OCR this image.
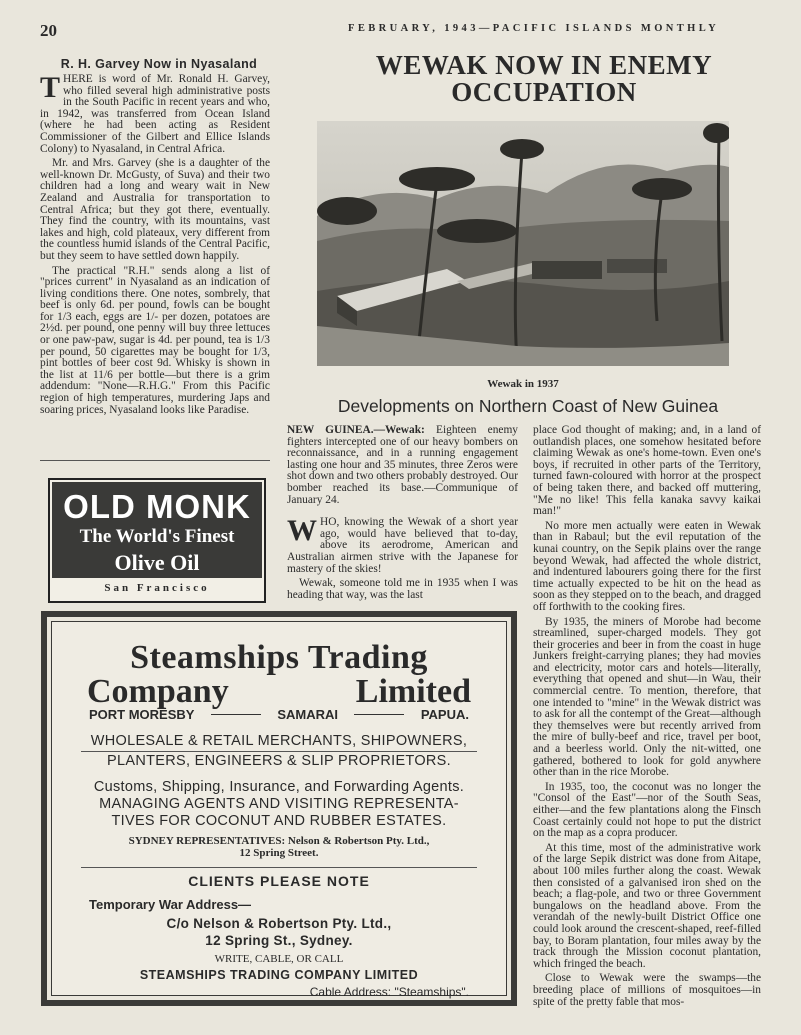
20	FEBRUARY, 1943—PACIFIC ISLANDS MONTHLY
R. H. Garvey Now in Nyasaland

THERE is word of Mr. Ronald H. Garvey, who filled several high administrative posts in the South Pacific in recent years and who, in 1942, was transferred from Ocean Island (where he had been acting as Resident Commissioner of the Gilbert and Ellice Islands Colony) to Nyasaland, in Central Africa.

Mr. and Mrs. Garvey (she is a daughter of the well-known Dr. McGusty, of Suva) and their two children had a long and weary wait in New Zealand and Australia for transportation to Central Africa; but they got there, eventually. They find the country, with its mountains, vast lakes and high, cold plateaux, very different from the countless humid islands of the Central Pacific, but they seem to have settled down happily.

The practical "R.H." sends along a list of "prices current" in Nyasaland as an indication of living conditions there. One notes, sombrely, that beef is only 6d. per pound, fowls can be bought for 1/3 each, eggs are 1/- per dozen, potatoes are 2½d. per pound, one penny will buy three lettuces or one paw-paw, sugar is 4d. per pound, tea is 1/3 per pound, 50 cigarettes may be bought for 1/3, pint bottles of beer cost 9d. Whisky is shown in the list at 11/6 per bottle—but there is a grim addendum: "None—R.H.G." From this Pacific region of high temperatures, murdering Japs and soaring prices, Nyasaland looks like Paradise.

OLD MONK
The World's Finest
Olive Oil
San Francisco
WEWAK NOW IN ENEMY
OCCUPATION
Wewak in 1937
Developments on Northern Coast of New Guinea

NEW GUINEA.—Wewak: Eighteen enemy fighters intercepted one of our heavy bombers on reconnaissance, and in a running engagement lasting one hour and 35 minutes, three Zeros were shot down and two others probably destroyed. Our bomber reached its base.—Communique of January 24.

WHO, knowing the Wewak of a short year ago, would have believed that to-day, above its aerodrome, American and Australian airmen strive with the Japanese for mastery of the skies!

Wewak, someone told me in 1935 when I was heading that way, was the last

place God thought of making; and, in a land of outlandish places, one somehow hesitated before claiming Wewak as one's home-town. Even one's boys, if recruited in other parts of the Territory, turned fawn-coloured with horror at the prospect of being taken there, and backed off muttering, "Me no like! This fella kanaka savvy kaikai man!"

No more men actually were eaten in Wewak than in Rabaul; but the evil reputation of the kunai country, on the Sepik plains over the range beyond Wewak, had affected the whole district, and indentured labourers going there for the first time actually expected to be hit on the head as soon as they stepped on to the beach, and dragged off forthwith to the cooking fires.

By 1935, the miners of Morobe had become streamlined, super-charged models. They got their groceries and beer in from the coast in huge Junkers freight-carrying planes; they had movies and electricity, motor cars and hotels—literally, everything that opened and shut—in Wau, their commercial centre. To mention, therefore, that one intended to "mine" in the Wewak district was to ask for all the contempt of the Great—although they themselves were but recently arrived from the mire of bully-beef and rice, travel per boot, and a beerless world. Only the nit-witted, one gathered, bothered to look for gold anywhere other than in the rice Morobe.

In 1935, too, the coconut was no longer the "Consol of the East"—nor of the South Seas, either—and the few plantations along the Finsch Coast certainly could not hope to put the district on the map as a copra producer.

At this time, most of the administrative work of the large Sepik district was done from Aitape, about 100 miles further along the coast. Wewak then consisted of a galvanised iron shed on the beach; a flag-pole, and two or three Government bungalows on the headland above. From the verandah of the newly-built District Office one could look around the crescent-shaped, reef-filled bay, to Boram plantation, four miles away by the track through the Mission coconut plantation, which fringed the beach.

Close to Wewak were the swamps—the breeding place of millions of mosquitoes—in spite of the pretty fable that mos-

Steamships Trading
Company	Limited
PORT MORESBY	SAMARAI	PAPUA.
WHOLESALE & RETAIL MERCHANTS, SHIPOWNERS,
PLANTERS, ENGINEERS & SLIP PROPRIETORS.
Customs, Shipping, Insurance, and Forwarding Agents.
MANAGING AGENTS AND VISITING REPRESENTA-
TIVES FOR COCONUT AND RUBBER ESTATES.
SYDNEY REPRESENTATIVES: Nelson & Robertson Pty. Ltd.,
12 Spring Street.
CLIENTS PLEASE NOTE
Temporary War Address—
C/o Nelson & Robertson Pty. Ltd.,
12 Spring St., Sydney.
WRITE, CABLE, OR CALL
STEAMSHIPS TRADING COMPANY LIMITED
Cable Address: "Steamships".
